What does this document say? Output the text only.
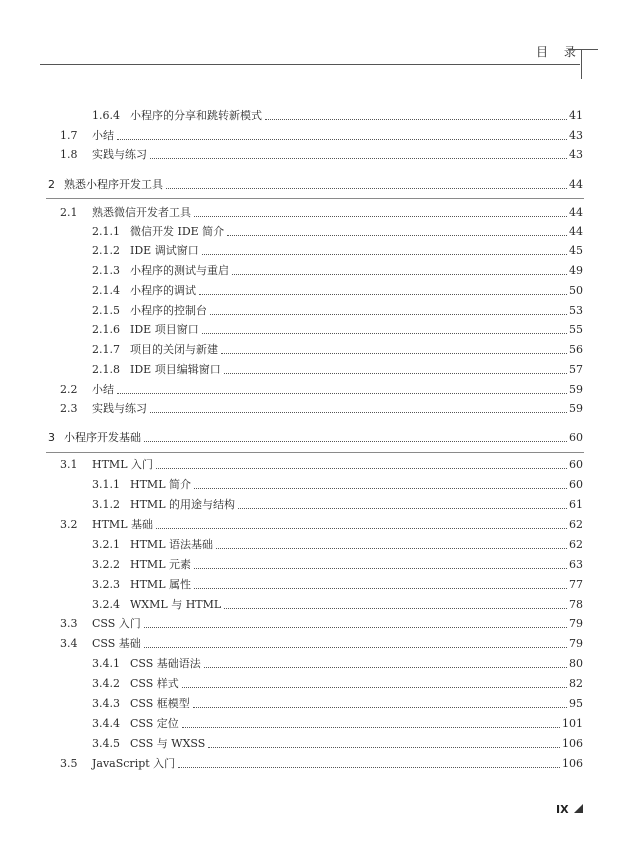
目 录
1.6.4 小程序的分享和跳转新模式	41
1.7 小结	43
1.8 实践与练习	43
2 熟悉小程序开发工具	44
2.1 熟悉微信开发者工具	44
2.1.1 微信开发 IDE 简介	44
2.1.2 IDE 调试窗口	45
2.1.3 小程序的测试与重启	49
2.1.4 小程序的调试	50
2.1.5 小程序的控制台	53
2.1.6 IDE 项目窗口	55
2.1.7 项目的关闭与新建	56
2.1.8 IDE 项目编辑窗口	57
2.2 小结	59
2.3 实践与练习	59
3 小程序开发基础	60
3.1 HTML 入门	60
3.1.1 HTML 简介	60
3.1.2 HTML 的用途与结构	61
3.2 HTML 基础	62
3.2.1 HTML 语法基础	62
3.2.2 HTML 元素	63
3.2.3 HTML 属性	77
3.2.4 WXML 与 HTML	78
3.3 CSS 入门	79
3.4 CSS 基础	79
3.4.1 CSS 基础语法	80
3.4.2 CSS 样式	82
3.4.3 CSS 框模型	95
3.4.4 CSS 定位	101
3.4.5 CSS 与 WXSS	106
3.5 JavaScript 入门	106
IX
